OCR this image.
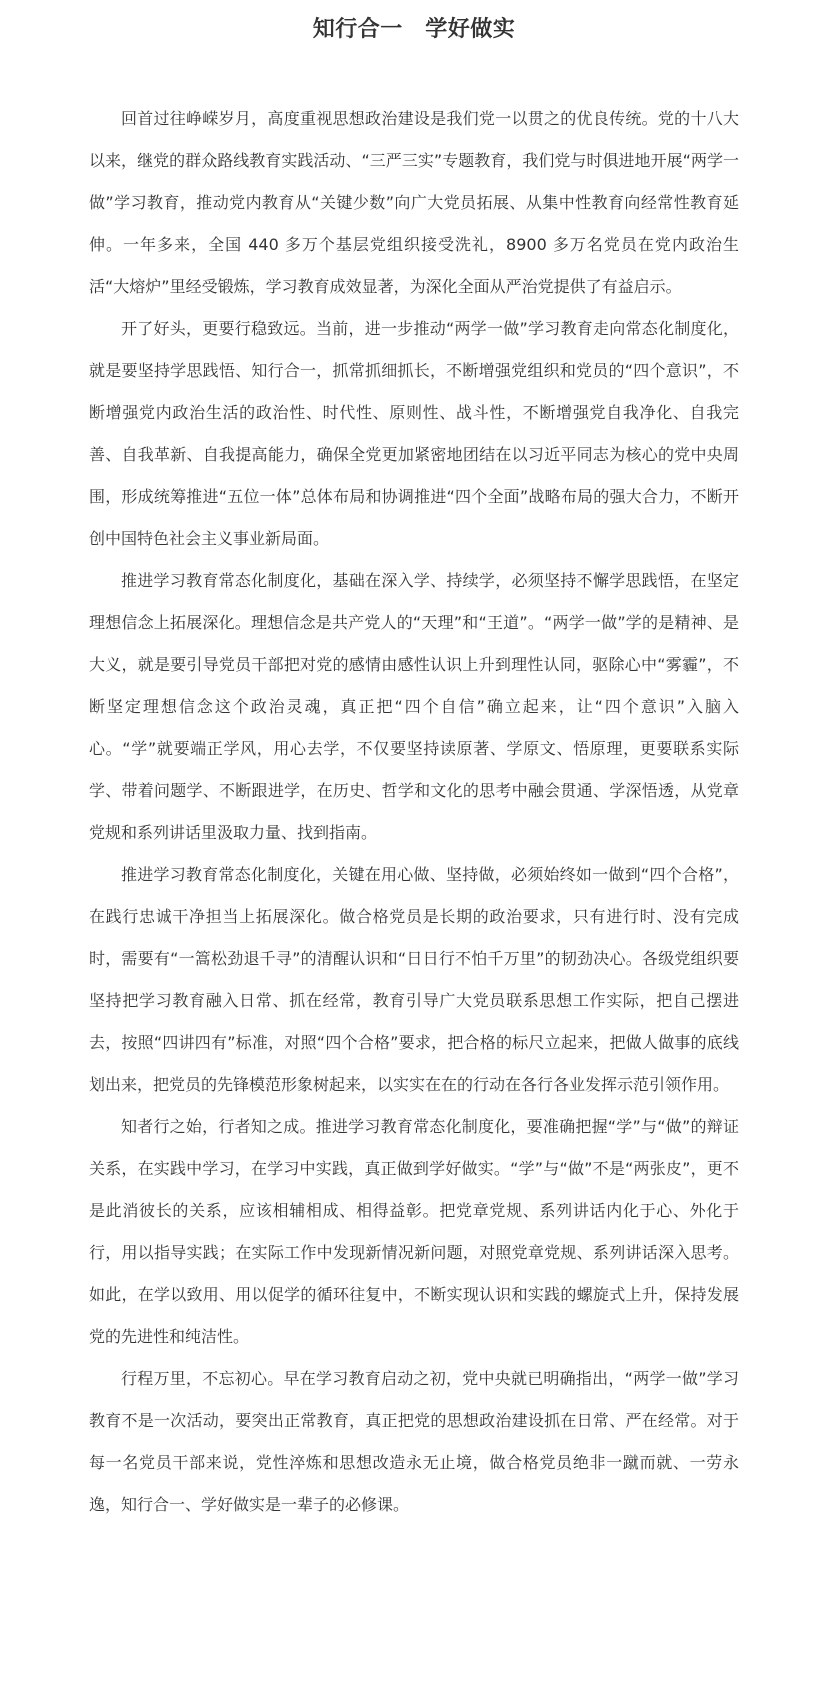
知行合一　学好做实

回首过往峥嵘岁月，高度重视思想政治建设是我们党一以贯之的优良传统。党的十八大以来，继党的群众路线教育实践活动、“三严三实”专题教育，我们党与时俱进地开展“两学一做”学习教育，推动党内教育从“关键少数”向广大党员拓展、从集中性教育向经常性教育延伸。一年多来，全国 440 多万个基层党组织接受洗礼，8900 多万名党员在党内政治生活“大熔炉”里经受锻炼，学习教育成效显著，为深化全面从严治党提供了有益启示。

开了好头，更要行稳致远。当前，进一步推动“两学一做”学习教育走向常态化制度化，就是要坚持学思践悟、知行合一，抓常抓细抓长，不断增强党组织和党员的“四个意识”，不断增强党内政治生活的政治性、时代性、原则性、战斗性，不断增强党自我净化、自我完善、自我革新、自我提高能力，确保全党更加紧密地团结在以习近平同志为核心的党中央周围，形成统筹推进“五位一体”总体布局和协调推进“四个全面”战略布局的强大合力，不断开创中国特色社会主义事业新局面。

推进学习教育常态化制度化，基础在深入学、持续学，必须坚持不懈学思践悟，在坚定理想信念上拓展深化。理想信念是共产党人的“天理”和“王道”。“两学一做”学的是精神、是大义，就是要引导党员干部把对党的感情由感性认识上升到理性认同，驱除心中“雾霾”，不断坚定理想信念这个政治灵魂，真正把“四个自信”确立起来，让“四个意识”入脑入心。“学”就要端正学风，用心去学，不仅要坚持读原著、学原文、悟原理，更要联系实际学、带着问题学、不断跟进学，在历史、哲学和文化的思考中融会贯通、学深悟透，从党章党规和系列讲话里汲取力量、找到指南。

推进学习教育常态化制度化，关键在用心做、坚持做，必须始终如一做到“四个合格”，在践行忠诚干净担当上拓展深化。做合格党员是长期的政治要求，只有进行时、没有完成时，需要有“一篙松劲退千寻”的清醒认识和“日日行不怕千万里”的韧劲决心。各级党组织要坚持把学习教育融入日常、抓在经常，教育引导广大党员联系思想工作实际，把自己摆进去，按照“四讲四有”标准，对照“四个合格”要求，把合格的标尺立起来，把做人做事的底线划出来，把党员的先锋模范形象树起来，以实实在在的行动在各行各业发挥示范引领作用。

知者行之始，行者知之成。推进学习教育常态化制度化，要准确把握“学”与“做”的辩证关系，在实践中学习，在学习中实践，真正做到学好做实。“学”与“做”不是“两张皮”，更不是此消彼长的关系，应该相辅相成、相得益彰。把党章党规、系列讲话内化于心、外化于行，用以指导实践；在实际工作中发现新情况新问题，对照党章党规、系列讲话深入思考。如此，在学以致用、用以促学的循环往复中，不断实现认识和实践的螺旋式上升，保持发展党的先进性和纯洁性。

行程万里，不忘初心。早在学习教育启动之初，党中央就已明确指出，“两学一做”学习教育不是一次活动，要突出正常教育，真正把党的思想政治建设抓在日常、严在经常。对于每一名党员干部来说，党性淬炼和思想改造永无止境，做合格党员绝非一蹴而就、一劳永逸，知行合一、学好做实是一辈子的必修课。
